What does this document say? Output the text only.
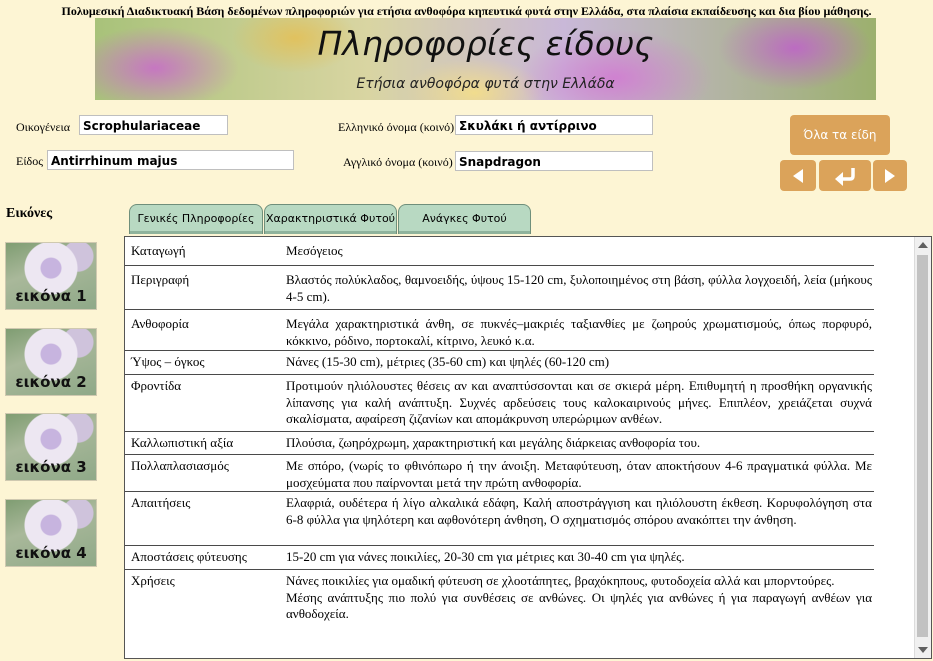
Πολυμεσική Διαδικτυακή Βάση δεδομένων πληροφοριών για ετήσια ανθοφόρα κηπευτικά φυτά στην Ελλάδα, στα πλαίσια εκπαίδευσης και δια βίου μάθησης.
Πληροφορίες είδους
Ετήσια ανθοφόρα φυτά στην Ελλάδα
Οικογένεια	Scrophulariaceae
Είδος Antirrhinum majus
Ελληνικό όνομα (κοινό) Σκυλάκι ή αντίρρινο
Αγγλικό όνομα (κοινό) Snapdragon
Όλα τα είδη
Εικόνες
εικόνα 1
εικόνα 2
εικόνα 3
εικόνα 4
Γενικές Πληροφορίες	Χαρακτηριστικά Φυτού	Ανάγκες Φυτού
Καταγωγή	Μεσόγειος
Περιγραφή	Βλαστός πολύκλαδος, θαμνοειδής, ύψους 15-120 cm, ξυλοποιημένος στη βάση, φύλλα λογχοειδή, λεία (μήκους 4-5 cm).
Ανθοφορία	Μεγάλα χαρακτηριστικά άνθη, σε πυκνές–μακριές ταξιανθίες με ζωηρούς χρωματισμούς, όπως πορφυρό, κόκκινο, ρόδινο, πορτοκαλί, κίτρινο, λευκό κ.α.
Ύψος – όγκος	Νάνες (15-30 cm), μέτριες (35-60 cm) και ψηλές (60-120 cm)
Φροντίδα	Προτιμούν ηλιόλουστες θέσεις αν και αναπτύσσονται και σε σκιερά μέρη. Επιθυμητή η προσθήκη οργανικής λίπανσης για καλή ανάπτυξη. Συχνές αρδεύσεις τους καλοκαιρινούς μήνες. Επιπλέον, χρειάζεται συχνά σκαλίσματα, αφαίρεση ζιζανίων και απομάκρυνση υπερώριμων ανθέων.
Καλλωπιστική αξία	Πλούσια, ζωηρόχρωμη, χαρακτηριστική και μεγάλης διάρκειας ανθοφορία του.
Πολλαπλασιασμός	Με σπόρο, (νωρίς το φθινόπωρο ή την άνοιξη. Μεταφύτευση, όταν αποκτήσουν 4-6 πραγματικά φύλλα. Με μοσχεύματα που παίρνονται μετά την πρώτη ανθοφορία.
Απαιτήσεις	Ελαφριά, ουδέτερα ή λίγο αλκαλικά εδάφη, Καλή αποστράγγιση και ηλιόλουστη έκθεση. Κορυφολόγηση στα 6-8 φύλλα για ψηλότερη και αφθονότερη άνθηση, Ο σχηματισμός σπόρου ανακόπτει την άνθηση.
Αποστάσεις φύτευσης	15-20 cm για νάνες ποικιλίες, 20-30 cm για μέτριες και 30-40 cm για ψηλές.
Χρήσεις	Νάνες ποικιλίες για ομαδική φύτευση σε χλοοτάπητες, βραχόκηπους, φυτοδοχεία αλλά και μπορντούρες.
Μέσης ανάπτυξης πιο πολύ για συνθέσεις σε ανθώνες. Οι ψηλές για ανθώνες ή για παραγωγή ανθέων για ανθοδοχεία.
